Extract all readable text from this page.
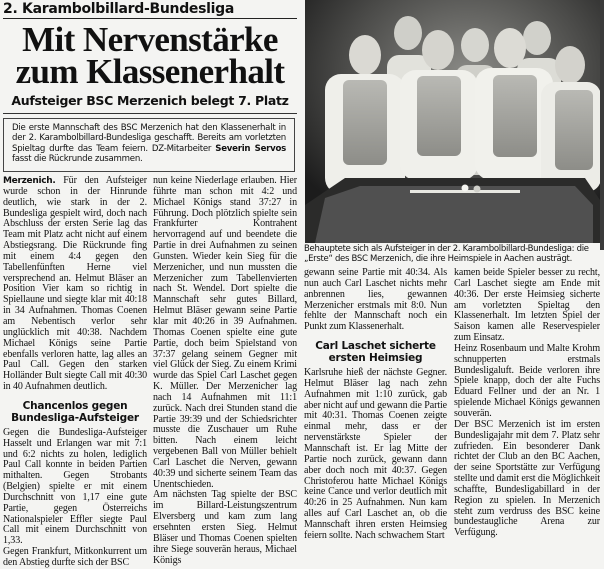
2. Karambolbillard-Bundesliga
Mit Nervenstärke
zum Klassenerhalt
Aufsteiger BSC Merzenich belegt 7. Platz
Die erste Mannschaft des BSC Merzenich hat den Klassenerhalt in der 2. Karambolbillard-Bundesliga geschafft. Bereits am vorletzten Spieltag durfte das Team feiern. DZ-Mitarbeiter Severin Servos fasst die Rückrunde zusammen.
Behauptete sich als Aufsteiger in der 2. Karambolbillard-Bundesliga: die „Erste“ des BSC Merzenich, die ihre Heimspiele in Aachen austrägt.

Merzenich. Für den Aufsteiger wurde schon in der Hinrunde deutlich, wie stark in der 2. Bundesliga gespielt wird, doch nach Abschluss der ersten Serie lag das Team mit Platz acht nicht auf einem Abstiegsrang. Die Rückrunde fing mit einem 4:4 gegen den Tabellenfünften Herne viel versprechend an. Helmut Bläser an Position Vier kam so richtig in Spiellaune und siegte klar mit 40:18 in 34 Aufnahmen. Thomas Coenen am Nebentisch verlor sehr unglücklich mit 40:38. Nachdem Michael Königs seine Partie ebenfalls verloren hatte, lag alles an Paul Call. Gegen den starken Holländer Bult siegte Call mit 40:30 in 40 Aufnahmen deutlich.

Chancenlos gegen Bundesliga-Aufsteiger

Gegen die Bundesliga-Aufsteiger Hasselt und Erlangen war mit 7:1 und 6:2 nichts zu holen, lediglich Paul Call konnte in beiden Partien mithalten. Gegen Strobants (Belgien) spielte er mit einem Durchschnitt von 1,17 eine gute Partie, gegen Österreichs Nationalspieler Effler siegte Paul Call mit einem Durchschnitt von 1,33.

Gegen Frankfurt, Mitkonkurrent um den Abstieg durfte sich der BSC

nun keine Niederlage erlauben. Hier führte man schon mit 4:2 und Michael Königs stand 37:27 in Führung. Doch plötzlich spielte sein Frankfurter Kontrahent hervorragend auf und beendete die Partie in drei Aufnahmen zu seinen Gunsten. Wieder kein Sieg für die Merzenicher, und nun mussten die Merzenicher zum Tabellenvierten nach St. Wendel. Dort spielte die Mannschaft sehr gutes Billard, Helmut Bläser gewann seine Partie klar mit 40:26 in 39 Aufnahmen. Thomas Coenen spielte eine gute Partie, doch beim Spielstand von 37:37 gelang seinem Gegner mit viel Glück der Sieg. Zu einem Krimi wurde das Spiel Carl Laschet gegen K. Müller. Der Merzenicher lag nach 14 Aufnahmen mit 11:1 zurück. Nach drei Stunden stand die Partie 39:39 und der Schiedsrichter musste die Zuschauer um Ruhe bitten. Nach einem leicht vergebenen Ball von Müller behielt Carl Laschet die Nerven, gewann 40:39 und sicherte seinem Team das Unentschieden.

Am nächsten Tag spielte der BSC im Billard-Leistungszentrum Elversberg und kam zum lang ersehnten ersten Sieg. Helmut Bläser und Thomas Coenen spielten ihre Siege souverän heraus, Michael Königs

gewann seine Partie mit 40:34. Als nun auch Carl Laschet nichts mehr anbrennen lies, gewannen Merzenicher erstmals mit 8:0. Nun fehlte der Mannschaft noch ein Punkt zum Klassenerhalt.

Carl Laschet sicherte ersten Heimsieg

Karlsruhe hieß der nächste Gegner. Helmut Bläser lag nach zehn Aufnahmen mit 1:10 zurück, gab aber nicht auf und gewann die Partie mit 40:31. Thomas Coenen zeigte einmal mehr, dass er der nervenstärkste Spieler der Mannschaft ist. Er lag Mitte der Partie noch zurück, gewann dann aber doch noch mit 40:37. Gegen Christoferou hatte Michael Königs keine Cance und verlor deutlich mit 40:26 in 25 Aufnahmen. Nun kam alles auf Carl Laschet an, ob die Mannschaft ihren ersten Heimsieg feiern sollte. Nach schwachem Start

kamen beide Spieler besser zu recht, Carl Laschet siegte am Ende mit 40:36. Der erste Heimsieg sicherte am vorletzten Spieltag den Klassenerhalt. Im letzten Spiel der Saison kamen alle Reservespieler zum Einsatz.

Heinz Rosenbaum und Malte Krohm schnupperten erstmals Bundesligaluft. Beide verloren ihre Spiele knapp, doch der alte Fuchs Eduard Fellner und der an Nr. 1 spielende Michael Königs gewannen souverän.

Der BSC Merzenich ist im ersten Bundesligajahr mit dem 7. Platz sehr zufrieden. Ein besonderer Dank richtet der Club an den BC Aachen, der seine Sportstätte zur Verfügung stellte und damit erst die Möglichkeit schaffte, Bundesligabillard in der Region zu spielen. In Merzenich steht zum verdruss des BSC keine bundestaugliche Arena zur Verfügung.
